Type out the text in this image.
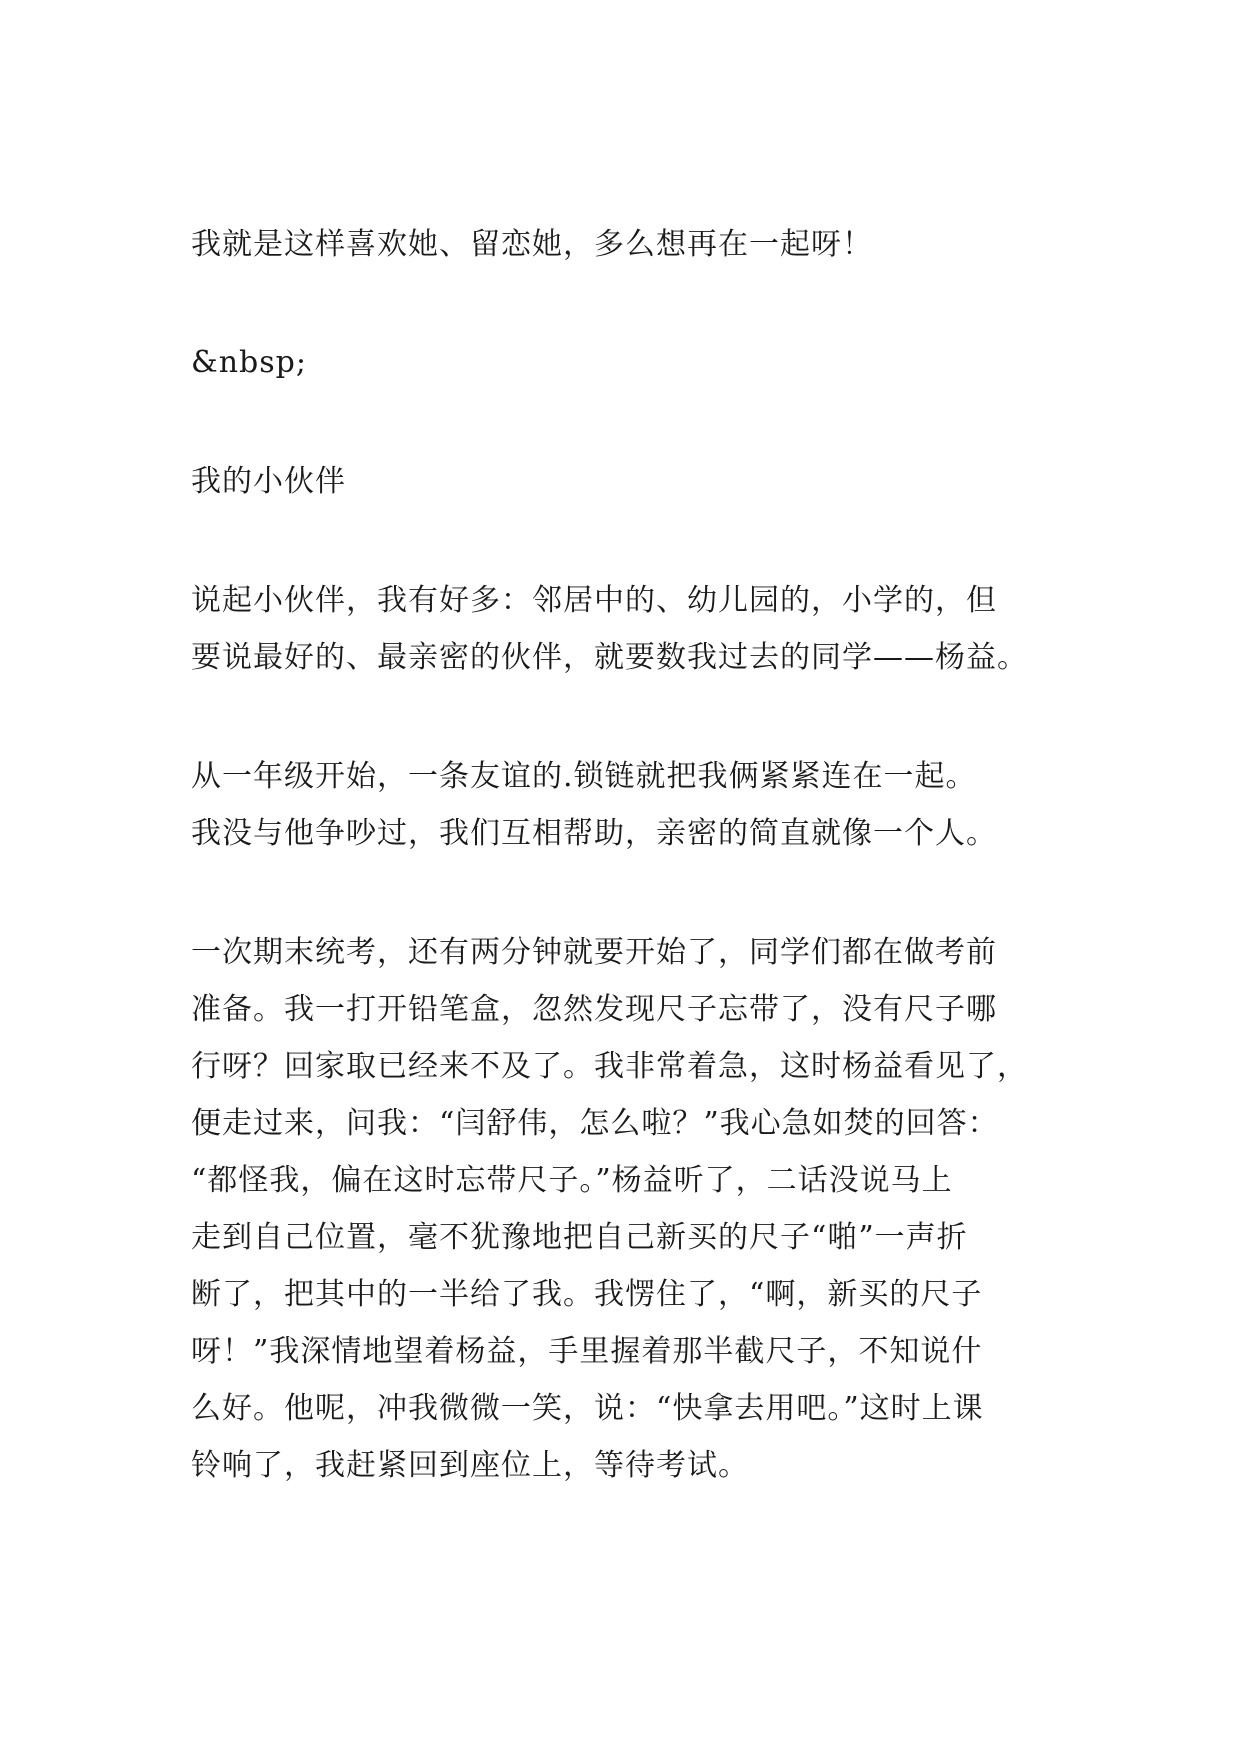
我就是这样喜欢她、留恋她，多么想再在一起呀！

&nbsp;

我的小伙伴

说起小伙伴，我有好多：邻居中的、幼儿园的，小学的，但

要说最好的、最亲密的伙伴，就要数我过去的同学——杨益。

从一年级开始，一条友谊的.锁链就把我俩紧紧连在一起。

我没与他争吵过，我们互相帮助，亲密的简直就像一个人。

一次期末统考，还有两分钟就要开始了，同学们都在做考前

准备。我一打开铅笔盒，忽然发现尺子忘带了，没有尺子哪

行呀？回家取已经来不及了。我非常着急，这时杨益看见了，

便走过来，问我：“闫舒伟，怎么啦？”我心急如焚的回答：

“都怪我，偏在这时忘带尺子。”杨益听了，二话没说马上

走到自己位置，毫不犹豫地把自己新买的尺子“啪”一声折

断了，把其中的一半给了我。我愣住了，“啊，新买的尺子

呀！”我深情地望着杨益，手里握着那半截尺子，不知说什

么好。他呢，冲我微微一笑，说：“快拿去用吧。”这时上课

铃响了，我赶紧回到座位上，等待考试。
